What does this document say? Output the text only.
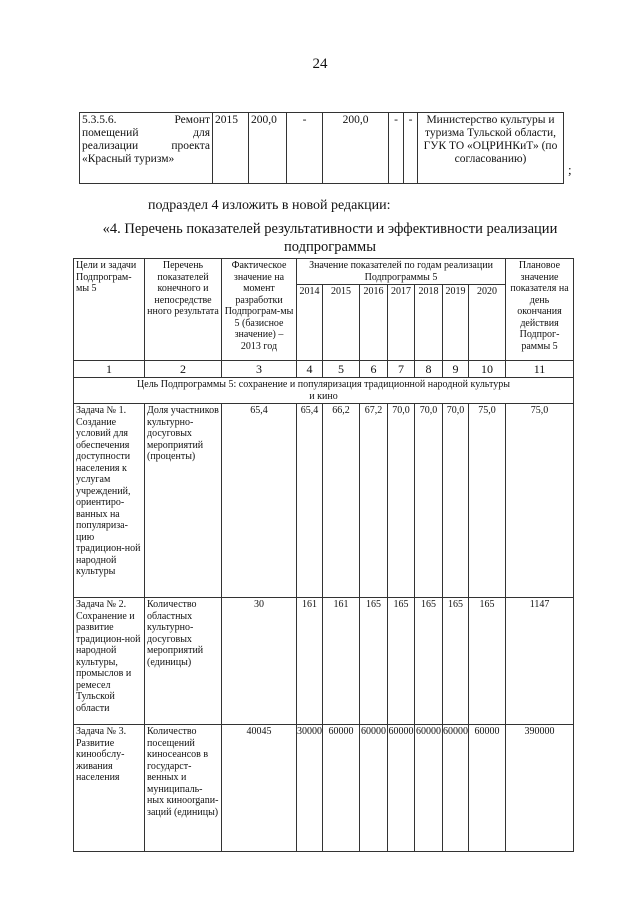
24
5.3.5.6. Ремонт помещений для реализации проекта «Красный туризм»	2015	200,0	-	200,0	-	-	Министерство культуры и туризма Тульской области, ГУК ТО «ОЦРИНКиТ» (по согласованию)
;
подраздел 4 изложить в новой редакции:
«4. Перечень показателей результативности и эффективности реализации подпрограммы
Цели и задачи Подпрограм-мы 5	Перечень показателей конечного и непосредстве нного результата	Фактическое значение на момент разработки Подпрограм-мы 5 (базисное значение) – 2013 год	Значение показателей по годам реализации Подпрограммы 5							Плановое значение показателя на день окончания действия Подпрог-раммы 5
			2014	2015	2016	2017	2018	2019	2020	
1	2	3	4	5	6	7	8	9	10	11
Цель Подпрограммы 5: сохранение и популяризация традиционной народной культуры и кино										
Задача № 1. Создание условий для обеспечения доступности населения к услугам учреждений, ориентиро-ванных на популяриза-цию традицион-ной народной культуры	Доля участников культурно-досуговых мероприятий (проценты)	65,4	65,4	66,2	67,2	70,0	70,0	70,0	75,0	75,0
Задача № 2. Сохранение и развитие традицион-ной народной культуры, промыслов и ремесел Тульской области	Количество областных культурно-досуговых мероприятий (единицы)	30	161	161	165	165	165	165	165	1147
Задача № 3. Развитие кинообслу-живания населения	Количество посещений киносеансов в государст-венных и муниципаль-ных киноorganи-заций (единицы)	40045	30000	60000	60000	60000	60000	60000	60000	390000
